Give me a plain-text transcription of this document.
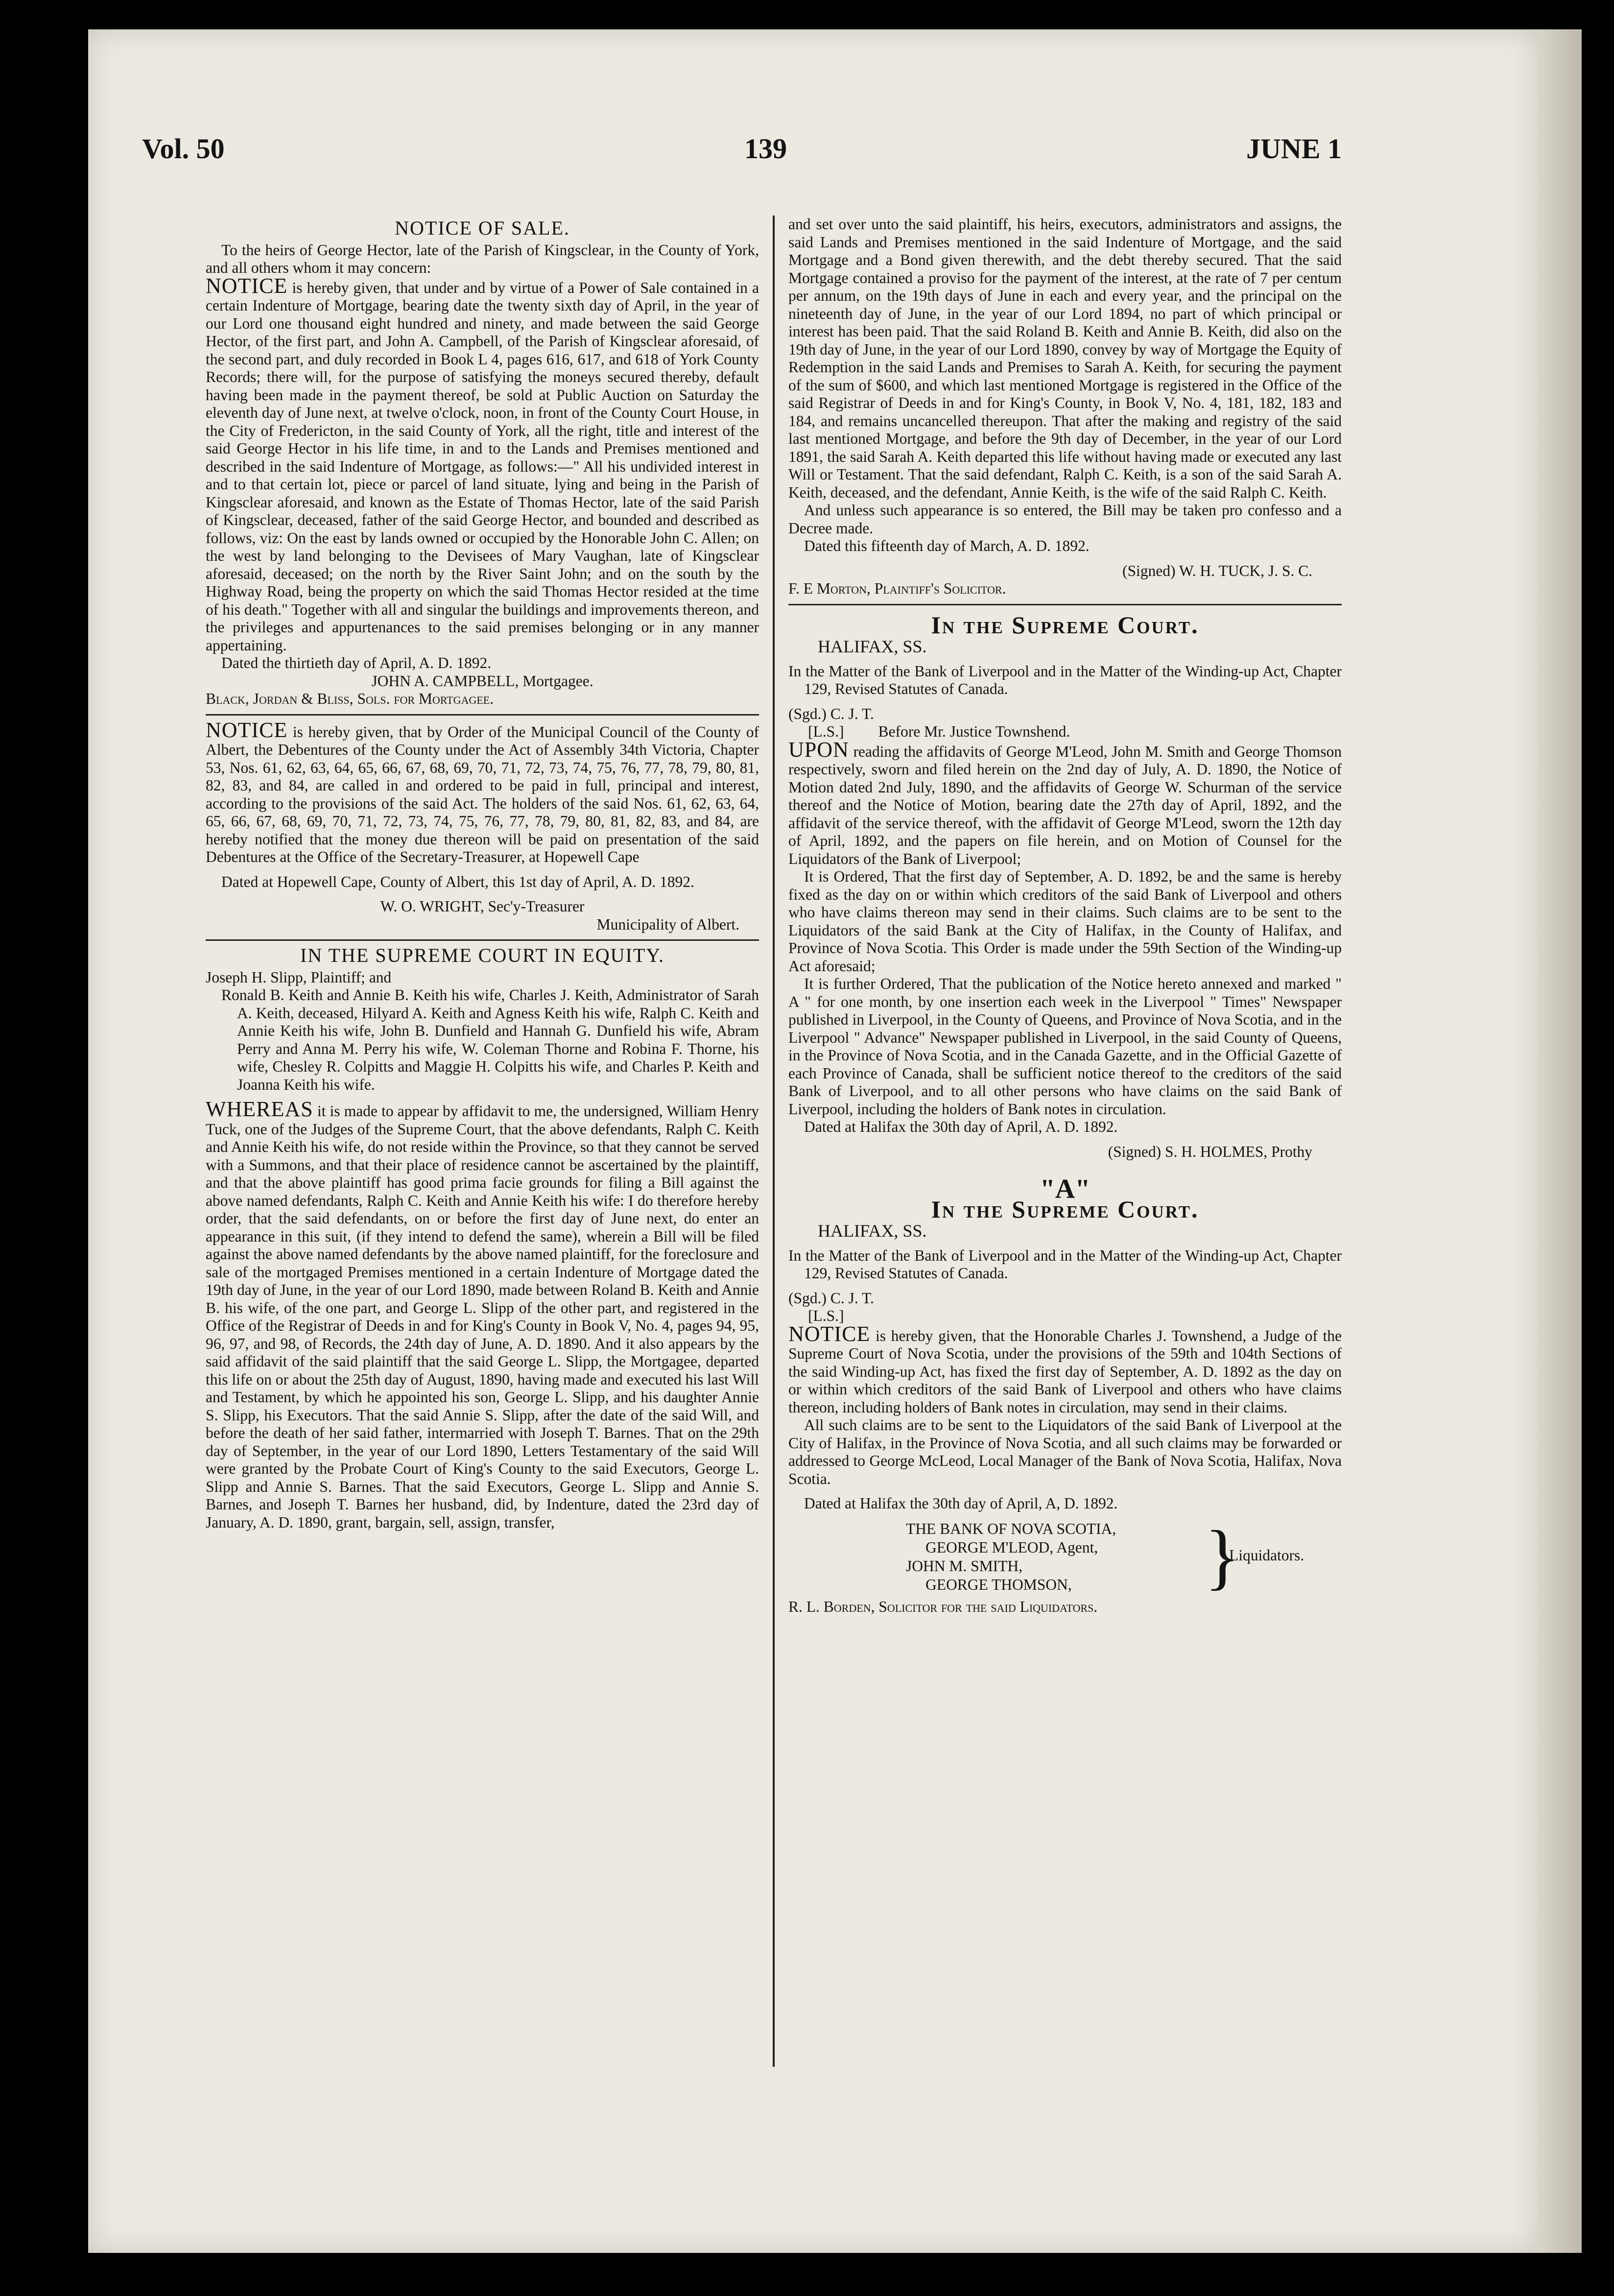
Vol. 50	139	JUNE 1

NOTICE OF SALE.

To the heirs of George Hector, late of the Parish of Kingsclear, in the County of York, and all others whom it may concern:

NOTICE is hereby given, that under and by virtue of a Power of Sale contained in a certain Indenture of Mortgage, bearing date the twenty sixth day of April, in the year of our Lord one thousand eight hundred and ninety, and made between the said George Hector, of the first part, and John A. Campbell, of the Parish of Kingsclear aforesaid, of the second part, and duly recorded in Book L 4, pages 616, 617, and 618 of York County Records; there will, for the purpose of satisfying the moneys secured thereby, default having been made in the payment thereof, be sold at Public Auction on Saturday the eleventh day of June next, at twelve o'clock, noon, in front of the County Court House, in the City of Fredericton, in the said County of York, all the right, title and interest of the said George Hector in his life time, in and to the Lands and Premises mentioned and described in the said Indenture of Mortgage, as follows:—" All his undivided interest in and to that certain lot, piece or parcel of land situate, lying and being in the Parish of Kingsclear aforesaid, and known as the Estate of Thomas Hector, late of the said Parish of Kingsclear, deceased, father of the said George Hector, and bounded and described as follows, viz: On the east by lands owned or occupied by the Honorable John C. Allen; on the west by land belonging to the Devisees of Mary Vaughan, late of Kingsclear aforesaid, deceased; on the north by the River Saint John; and on the south by the Highway Road, being the property on which the said Thomas Hector resided at the time of his death." Together with all and singular the buildings and improvements thereon, and the privileges and appurtenances to the said premises belonging or in any manner appertaining.

Dated the thirtieth day of April, A. D. 1892.

JOHN A. CAMPBELL, Mortgagee.

Black, Jordan & Bliss, Sols. for Mortgagee.

NOTICE is hereby given, that by Order of the Municipal Council of the County of Albert, the Debentures of the County under the Act of Assembly 34th Victoria, Chapter 53, Nos. 61, 62, 63, 64, 65, 66, 67, 68, 69, 70, 71, 72, 73, 74, 75, 76, 77, 78, 79, 80, 81, 82, 83, and 84, are called in and ordered to be paid in full, principal and interest, according to the provisions of the said Act. The holders of the said Nos. 61, 62, 63, 64, 65, 66, 67, 68, 69, 70, 71, 72, 73, 74, 75, 76, 77, 78, 79, 80, 81, 82, 83, and 84, are hereby notified that the money due thereon will be paid on presentation of the said Debentures at the Office of the Secretary-Treasurer, at Hopewell Cape

Dated at Hopewell Cape, County of Albert, this 1st day of April, A. D. 1892.

W. O. WRIGHT, Sec'y-Treasurer

Municipality of Albert.

IN THE SUPREME COURT IN EQUITY.

Joseph H. Slipp, Plaintiff; and

Ronald B. Keith and Annie B. Keith his wife, Charles J. Keith, Administrator of Sarah A. Keith, deceased, Hilyard A. Keith and Agness Keith his wife, Ralph C. Keith and Annie Keith his wife, John B. Dunfield and Hannah G. Dunfield his wife, Abram Perry and Anna M. Perry his wife, W. Coleman Thorne and Robina F. Thorne, his wife, Chesley R. Colpitts and Maggie H. Colpitts his wife, and Charles P. Keith and Joanna Keith his wife.

WHEREAS it is made to appear by affidavit to me, the undersigned, William Henry Tuck, one of the Judges of the Supreme Court, that the above defendants, Ralph C. Keith and Annie Keith his wife, do not reside within the Province, so that they cannot be served with a Summons, and that their place of residence cannot be ascertained by the plaintiff, and that the above plaintiff has good prima facie grounds for filing a Bill against the above named defendants, Ralph C. Keith and Annie Keith his wife: I do therefore hereby order, that the said defendants, on or before the first day of June next, do enter an appearance in this suit, (if they intend to defend the same), wherein a Bill will be filed against the above named defendants by the above named plaintiff, for the foreclosure and sale of the mortgaged Premises mentioned in a certain Indenture of Mortgage dated the 19th day of June, in the year of our Lord 1890, made between Roland B. Keith and Annie B. his wife, of the one part, and George L. Slipp of the other part, and registered in the Office of the Registrar of Deeds in and for King's County in Book V, No. 4, pages 94, 95, 96, 97, and 98, of Records, the 24th day of June, A. D. 1890. And it also appears by the said affidavit of the said plaintiff that the said George L. Slipp, the Mortgagee, departed this life on or about the 25th day of August, 1890, having made and executed his last Will and Testament, by which he appointed his son, George L. Slipp, and his daughter Annie S. Slipp, his Executors. That the said Annie S. Slipp, after the date of the said Will, and before the death of her said father, intermarried with Joseph T. Barnes. That on the 29th day of September, in the year of our Lord 1890, Letters Testamentary of the said Will were granted by the Probate Court of King's County to the said Executors, George L. Slipp and Annie S. Barnes. That the said Executors, George L. Slipp and Annie S. Barnes, and Joseph T. Barnes her husband, did, by Indenture, dated the 23rd day of January, A. D. 1890, grant, bargain, sell, assign, transfer,

and set over unto the said plaintiff, his heirs, executors, administrators and assigns, the said Lands and Premises mentioned in the said Indenture of Mortgage, and the said Mortgage and a Bond given therewith, and the debt thereby secured. That the said Mortgage contained a proviso for the payment of the interest, at the rate of 7 per centum per annum, on the 19th days of June in each and every year, and the principal on the nineteenth day of June, in the year of our Lord 1894, no part of which principal or interest has been paid. That the said Roland B. Keith and Annie B. Keith, did also on the 19th day of June, in the year of our Lord 1890, convey by way of Mortgage the Equity of Redemption in the said Lands and Premises to Sarah A. Keith, for securing the payment of the sum of $600, and which last mentioned Mortgage is registered in the Office of the said Registrar of Deeds in and for King's County, in Book V, No. 4, 181, 182, 183 and 184, and remains uncancelled thereupon. That after the making and registry of the said last mentioned Mortgage, and before the 9th day of December, in the year of our Lord 1891, the said Sarah A. Keith departed this life without having made or executed any last Will or Testament. That the said defendant, Ralph C. Keith, is a son of the said Sarah A. Keith, deceased, and the defendant, Annie Keith, is the wife of the said Ralph C. Keith.

And unless such appearance is so entered, the Bill may be taken pro confesso and a Decree made.

Dated this fifteenth day of March, A. D. 1892.

(Signed) W. H. TUCK, J. S. C.

F. E Morton, Plaintiff's Solicitor.

In the Supreme Court.

HALIFAX, SS.

In the Matter of the Bank of Liverpool and in the Matter of the Winding-up Act, Chapter 129, Revised Statutes of Canada.

(Sgd.) C. J. T.

[L.S.] Before Mr. Justice Townshend.

UPON reading the affidavits of George M'Leod, John M. Smith and George Thomson respectively, sworn and filed herein on the 2nd day of July, A. D. 1890, the Notice of Motion dated 2nd July, 1890, and the affidavits of George W. Schurman of the service thereof and the Notice of Motion, bearing date the 27th day of April, 1892, and the affidavit of the service thereof, with the affidavit of George M'Leod, sworn the 12th day of April, 1892, and the papers on file herein, and on Motion of Counsel for the Liquidators of the Bank of Liverpool;

It is Ordered, That the first day of September, A. D. 1892, be and the same is hereby fixed as the day on or within which creditors of the said Bank of Liverpool and others who have claims thereon may send in their claims. Such claims are to be sent to the Liquidators of the said Bank at the City of Halifax, in the County of Halifax, and Province of Nova Scotia. This Order is made under the 59th Section of the Winding-up Act aforesaid;

It is further Ordered, That the publication of the Notice hereto annexed and marked " A " for one month, by one insertion each week in the Liverpool " Times" Newspaper published in Liverpool, in the County of Queens, and Province of Nova Scotia, and in the Liverpool " Advance" Newspaper published in Liverpool, in the said County of Queens, in the Province of Nova Scotia, and in the Canada Gazette, and in the Official Gazette of each Province of Canada, shall be sufficient notice thereof to the creditors of the said Bank of Liverpool, and to all other persons who have claims on the said Bank of Liverpool, including the holders of Bank notes in circulation.

Dated at Halifax the 30th day of April, A. D. 1892.

(Signed) S. H. HOLMES, Prothy

"A"

In the Supreme Court.

HALIFAX, SS.

In the Matter of the Bank of Liverpool and in the Matter of the Winding-up Act, Chapter 129, Revised Statutes of Canada.

(Sgd.) C. J. T.

[L.S.]

NOTICE is hereby given, that the Honorable Charles J. Townshend, a Judge of the Supreme Court of Nova Scotia, under the provisions of the 59th and 104th Sections of the said Winding-up Act, has fixed the first day of September, A. D. 1892 as the day on or within which creditors of the said Bank of Liverpool and others who have claims thereon, including holders of Bank notes in circulation, may send in their claims.

All such claims are to be sent to the Liquidators of the said Bank of Liverpool at the City of Halifax, in the Province of Nova Scotia, and all such claims may be forwarded or addressed to George McLeod, Local Manager of the Bank of Nova Scotia, Halifax, Nova Scotia.

Dated at Halifax the 30th day of April, A, D. 1892.

THE BANK OF NOVA SCOTIA,
GEORGE M'LEOD, Agent,
JOHN M. SMITH,
GEORGE THOMSON,	}
Liquidators.

R. L. Borden, Solicitor for the said Liquidators.
